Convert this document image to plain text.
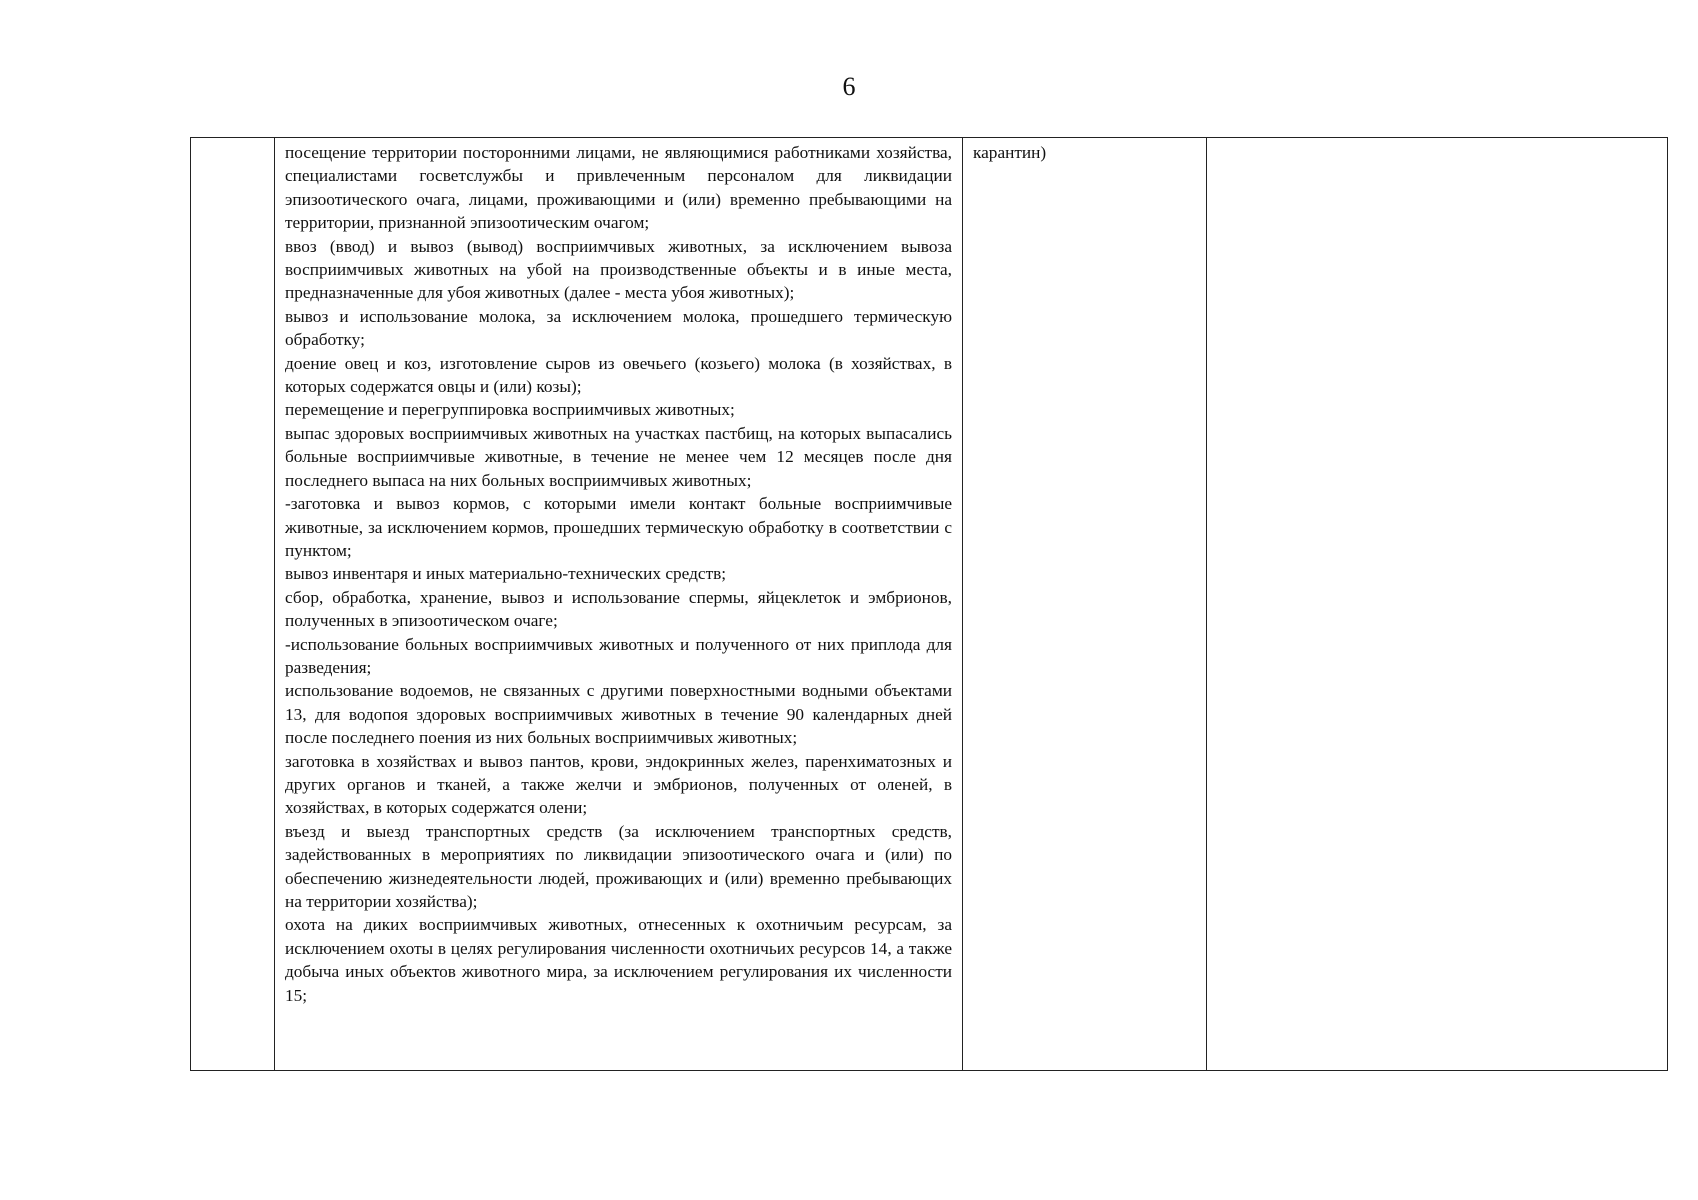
6

посещение территории посторонними лицами, не являющимися работниками хозяйства, специалистами госветслужбы и привлеченным персоналом для ликвидации эпизоотического очага, лицами, проживающими и (или) временно пребывающими на территории, признанной эпизоотическим очагом;

ввоз (ввод) и вывоз (вывод) восприимчивых животных, за исключением вывоза восприимчивых животных на убой на производственные объекты и в иные места, предназначенные для убоя животных (далее - места убоя животных);

вывоз и использование молока, за исключением молока, прошедшего термическую обработку;

доение овец и коз, изготовление сыров из овечьего (козьего) молока (в хозяйствах, в которых содержатся овцы и (или) козы);

перемещение и перегруппировка восприимчивых животных;

выпас здоровых восприимчивых животных на участках пастбищ, на которых выпасались больные восприимчивые животные, в течение не менее чем 12 месяцев после дня последнего выпаса на них больных восприимчивых животных;

-заготовка и вывоз кормов, с которыми имели контакт больные восприимчивые животные, за исключением кормов, прошедших термическую обработку в соответствии с пунктом;

вывоз инвентаря и иных материально-технических средств;

сбор, обработка, хранение, вывоз и использование спермы, яйцеклеток и эмбрионов, полученных в эпизоотическом очаге;

-использование больных восприимчивых животных и полученного от них приплода для разведения;

использование водоемов, не связанных с другими поверхностными водными объектами 13, для водопоя здоровых восприимчивых животных в течение 90 календарных дней после последнего поения из них больных восприимчивых животных;

заготовка в хозяйствах и вывоз пантов, крови, эндокринных желез, паренхиматозных и других органов и тканей, а также желчи и эмбрионов, полученных от оленей, в хозяйствах, в которых содержатся олени;

въезд и выезд транспортных средств (за исключением транспортных средств, задействованных в мероприятиях по ликвидации эпизоотического очага и (или) по обеспечению жизнедеятельности людей, проживающих и (или) временно пребывающих на территории хозяйства);

охота на диких восприимчивых животных, отнесенных к охотничьим ресурсам, за исключением охоты в целях регулирования численности охотничьих ресурсов 14, а также добыча иных объектов животного мира, за исключением регулирования их численности 15;

	карантин)	
